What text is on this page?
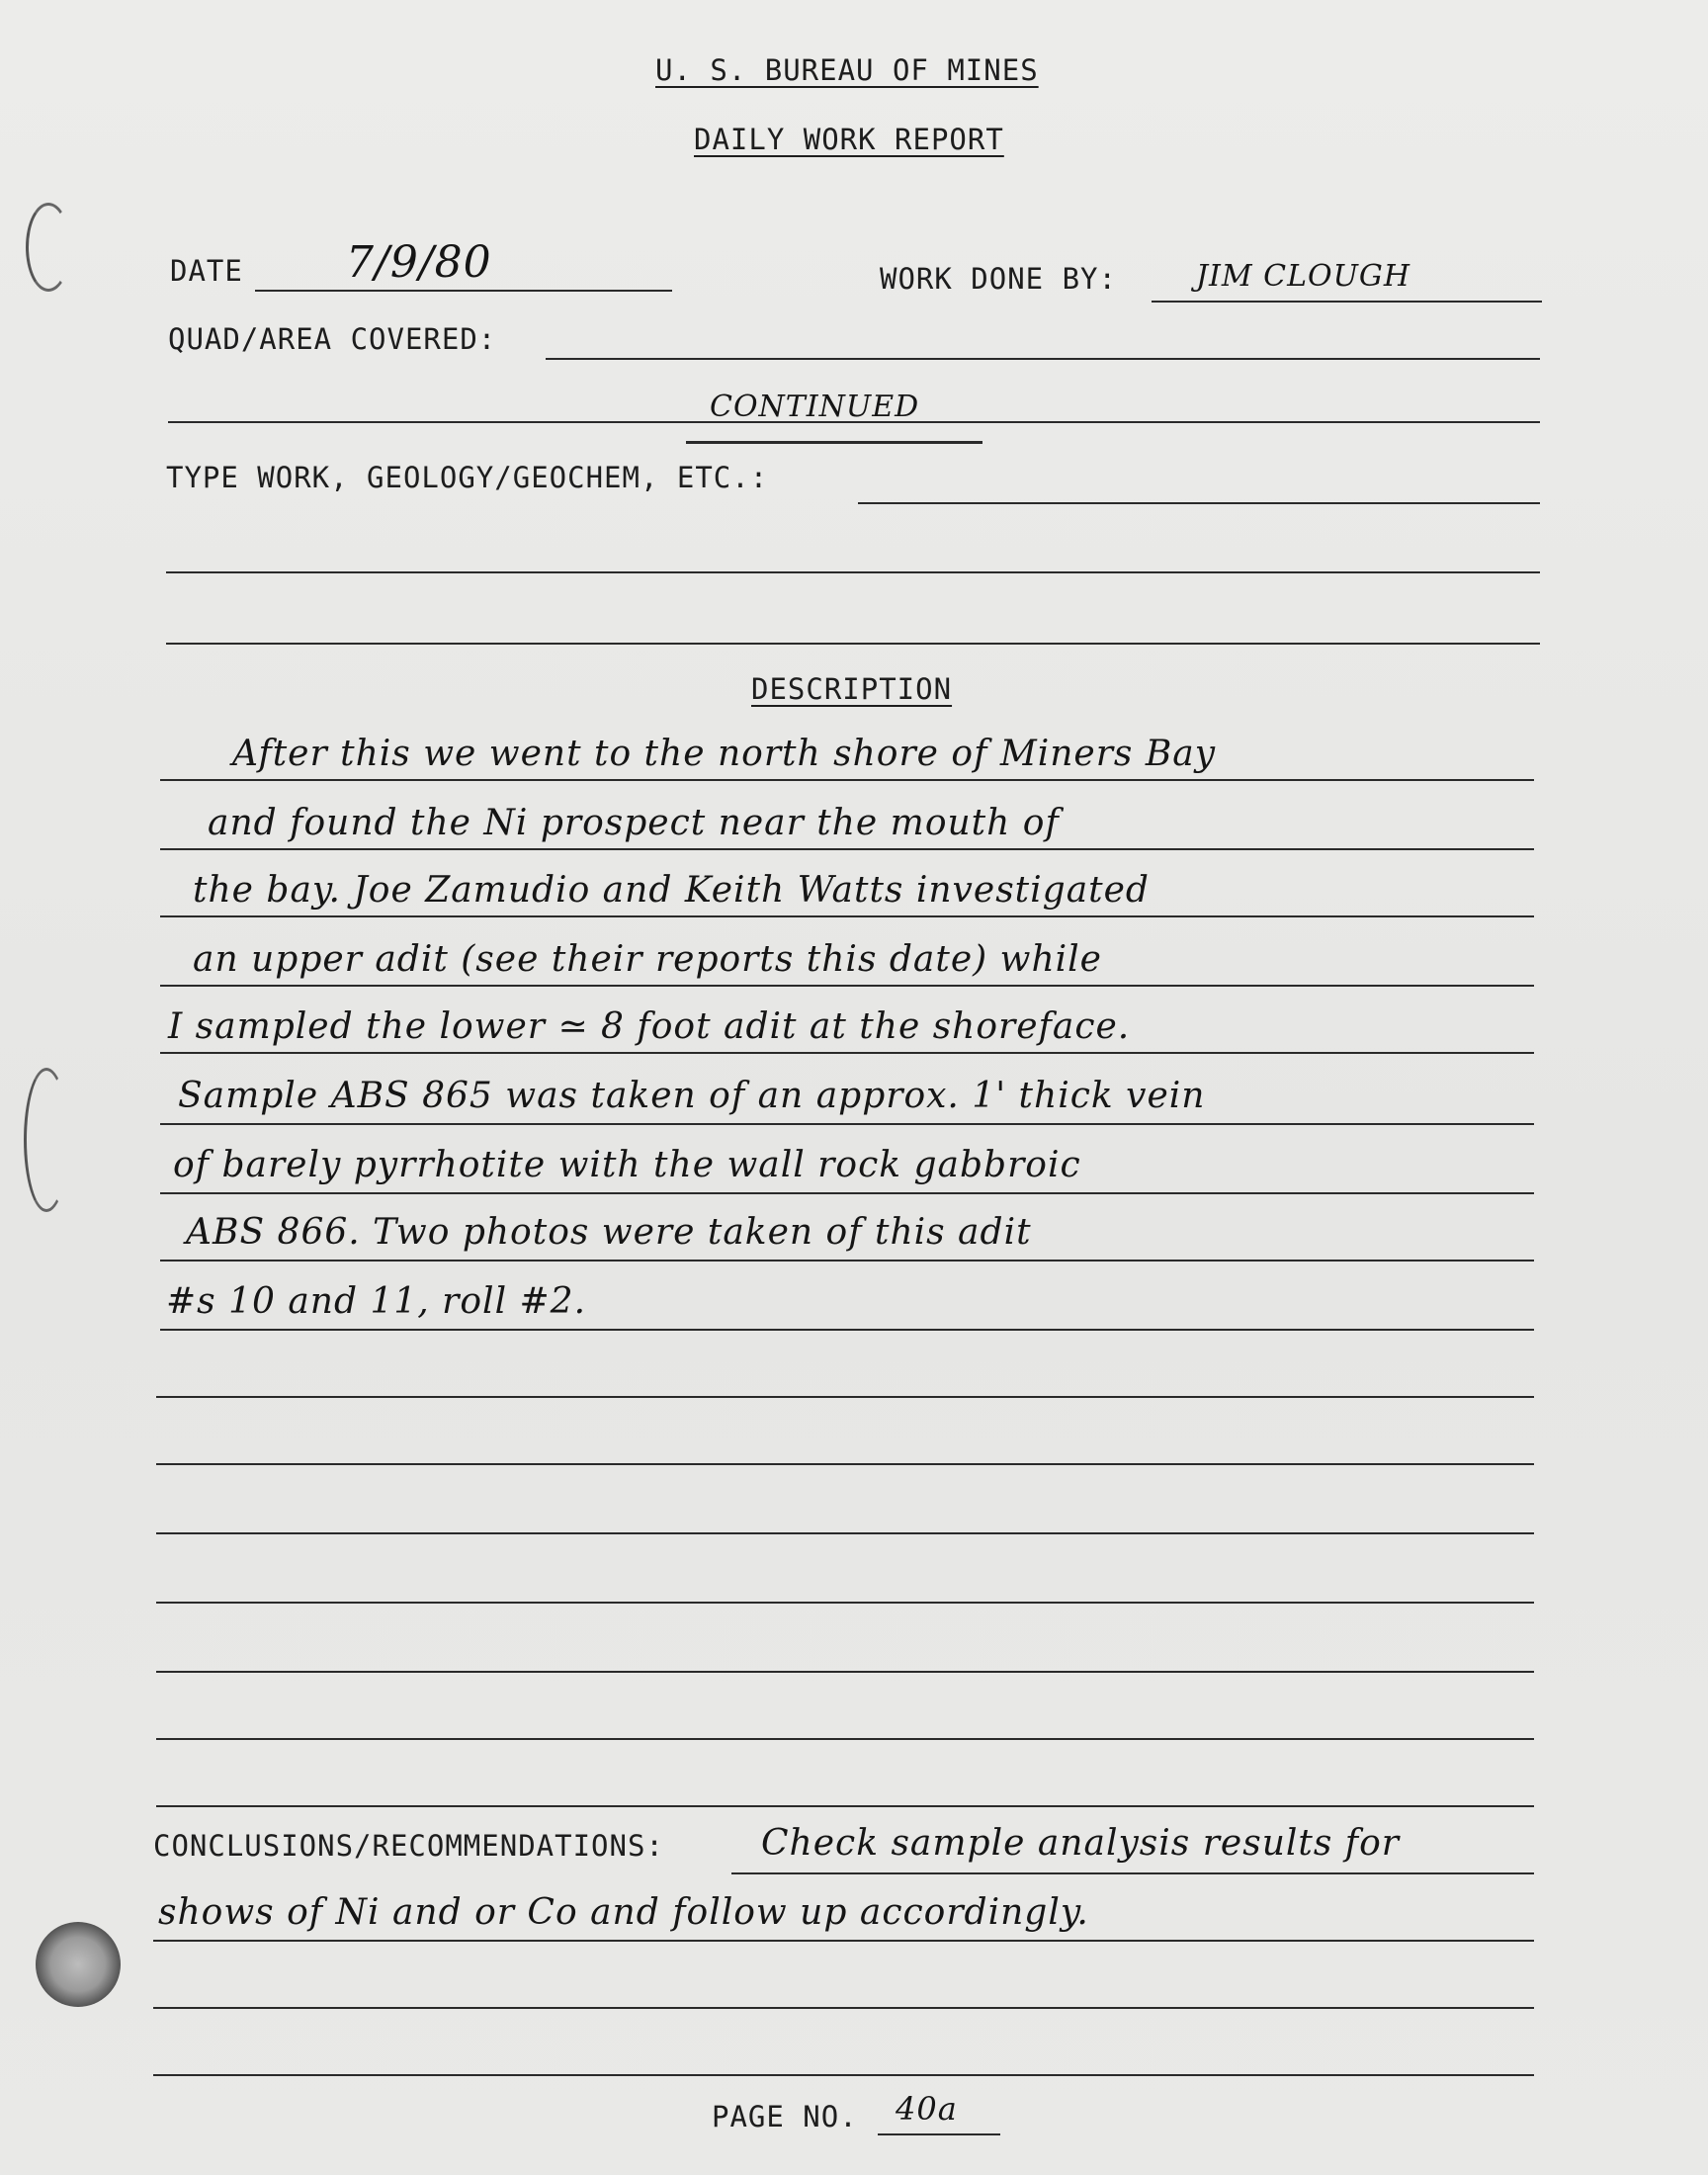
U. S. BUREAU OF MINES
DAILY WORK REPORT
DATE 7/9/80	WORK DONE BY:	JIM CLOUGH
QUAD/AREA COVERED:
CONTINUED
TYPE WORK, GEOLOGY/GEOCHEM, ETC.:
DESCRIPTION
After this we went to the north shore of Miners Bay
and found the Ni prospect near the mouth of
the bay. Joe Zamudio and Keith Watts investigated
an upper adit (see their reports this date) while
I sampled the lower ≃ 8 foot adit at the shoreface.
Sample ABS 865 was taken of an approx. 1' thick vein
of barely pyrrhotite with the wall rock gabbroic
ABS 866. Two photos were taken of this adit
#s 10 and 11, roll #2.
CONCLUSIONS/RECOMMENDATIONS:	Check sample analysis results for
shows of Ni and or Co and follow up accordingly.
PAGE NO. 40a
